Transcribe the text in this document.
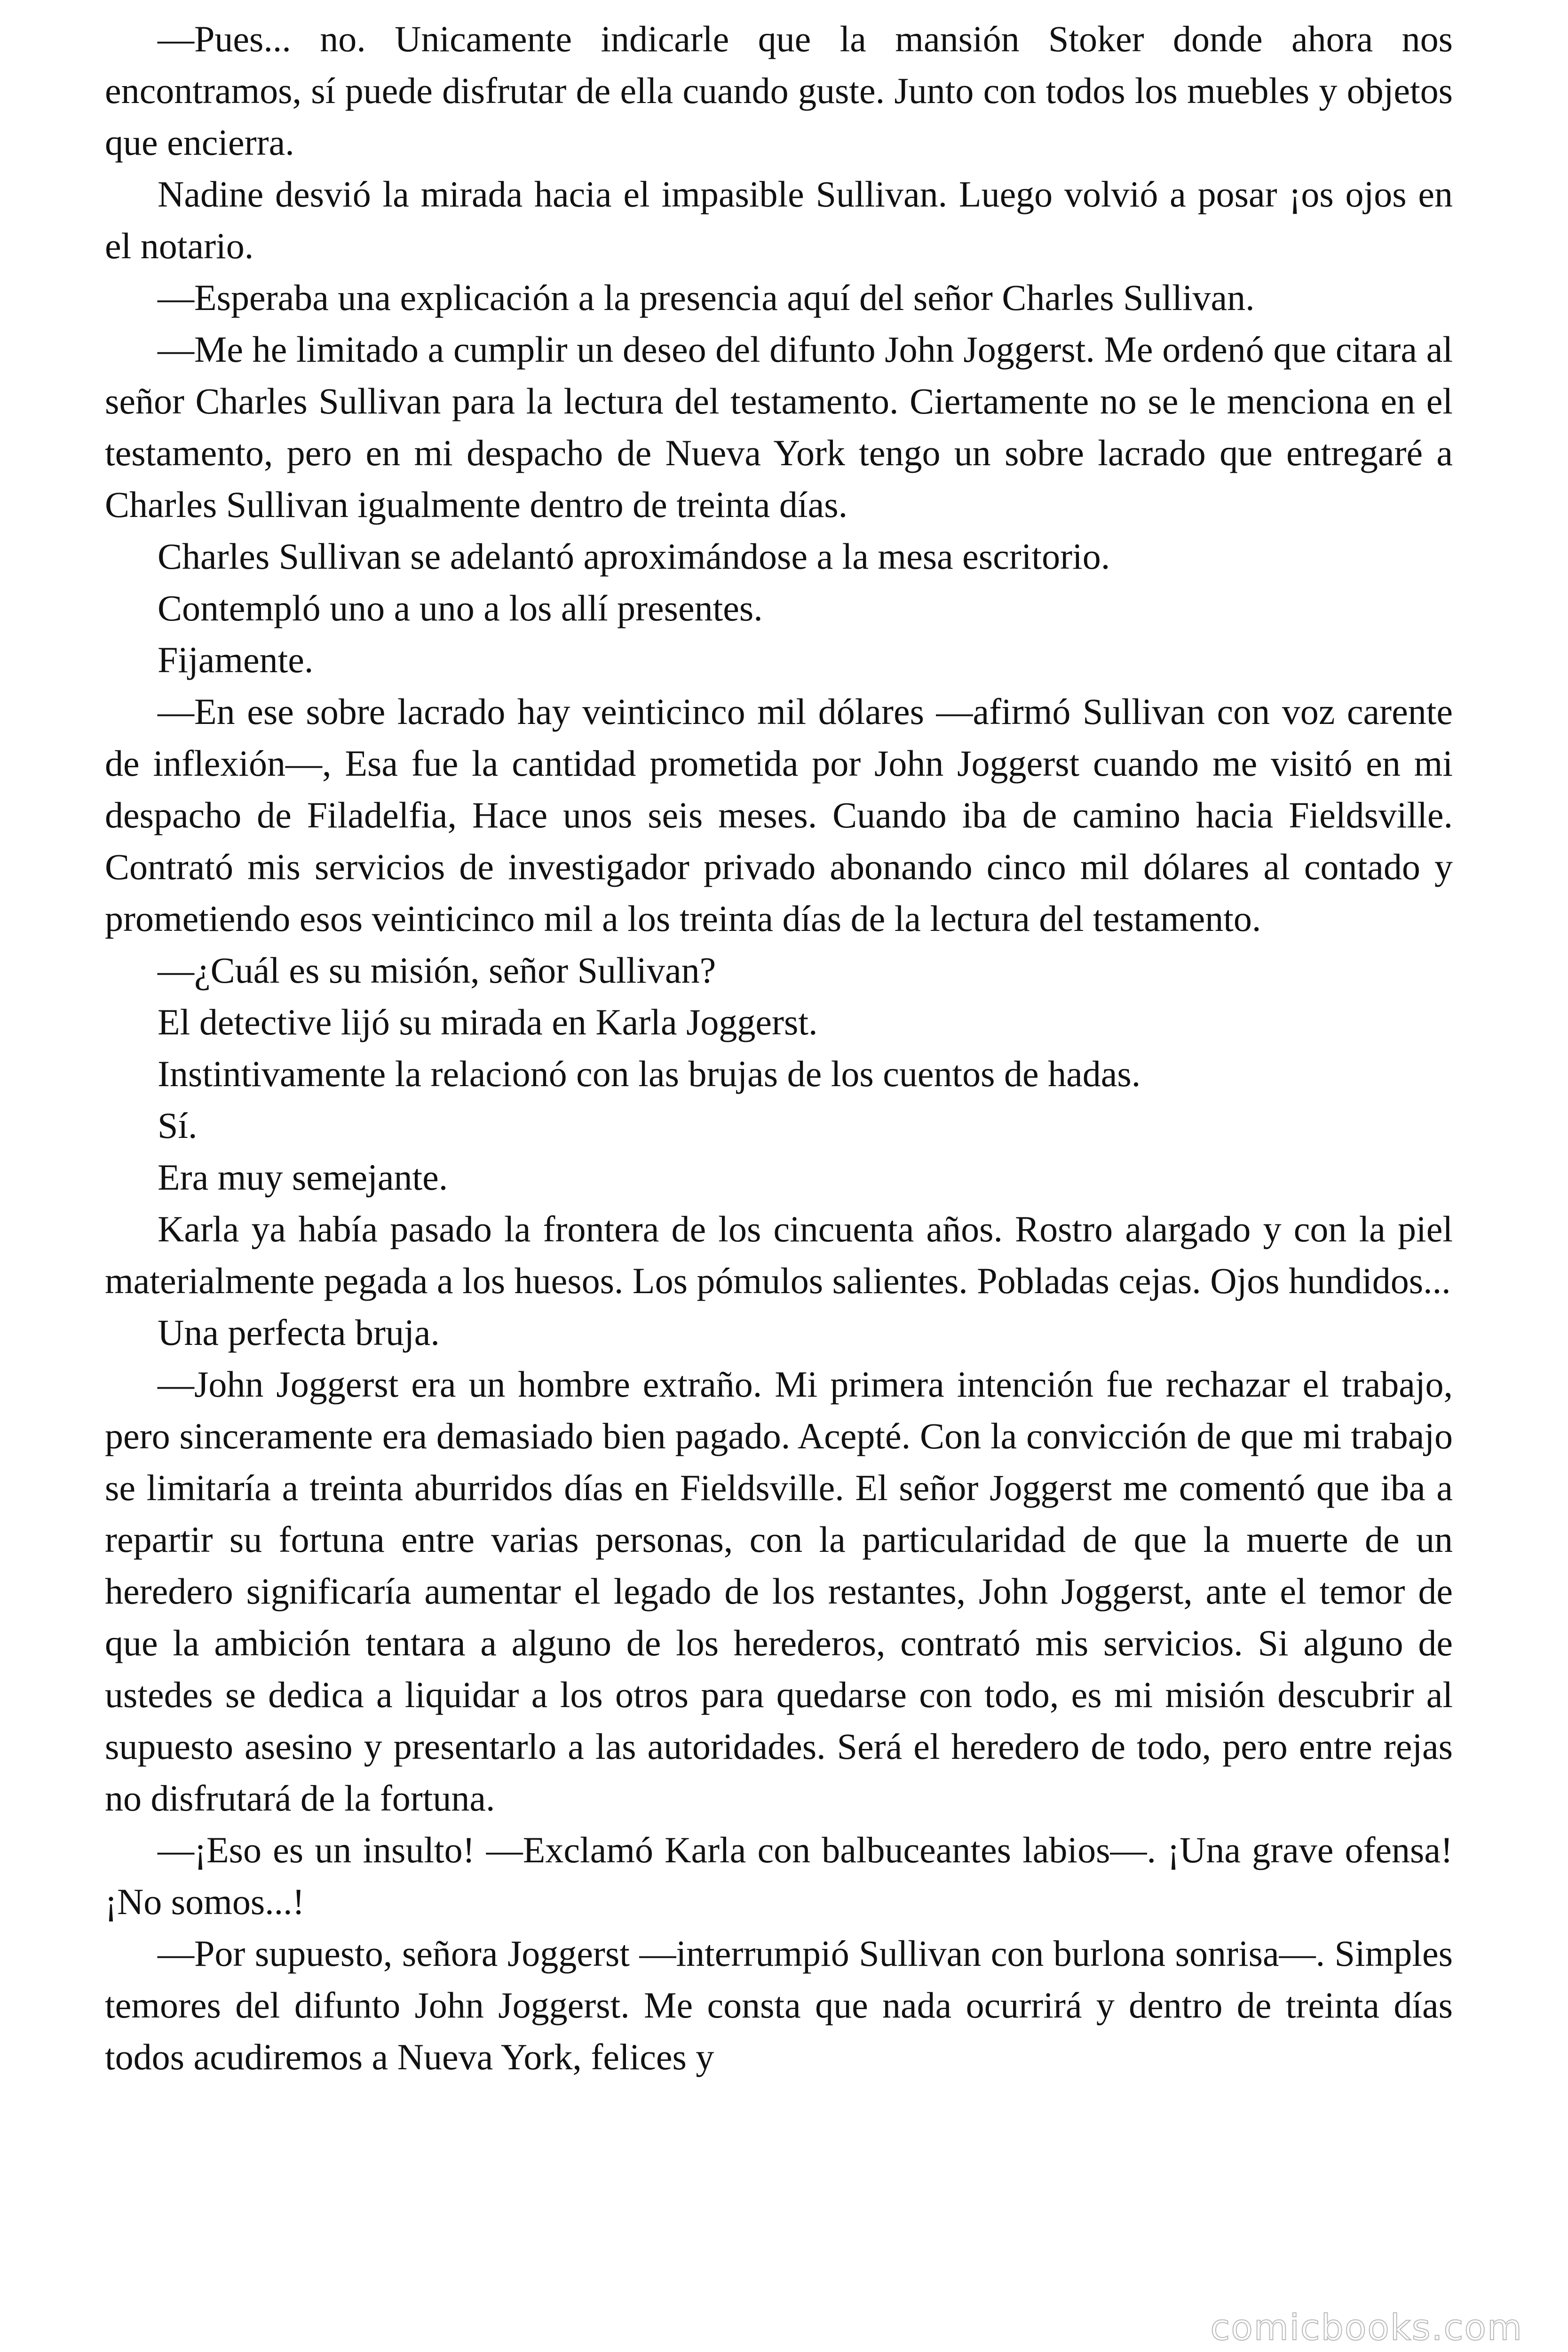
—Pues... no. Unicamente indicarle que la mansión Stoker donde ahora nos encontramos, sí puede disfrutar de ella cuando guste. Junto con todos los muebles y objetos que encierra.

Nadine desvió la mirada hacia el impasible Sullivan. Luego volvió a posar ¡os ojos en el notario.

—Esperaba una explicación a la presencia aquí del señor Charles Sullivan.

—Me he limitado a cumplir un deseo del difunto John Joggerst. Me ordenó que citara al señor Charles Sullivan para la lectura del testamento. Ciertamente no se le menciona en el testamento, pero en mi despacho de Nueva York tengo un sobre lacrado que entregaré a Charles Sullivan igualmente dentro de treinta días.

Charles Sullivan se adelantó aproximándose a la mesa escritorio.

Contempló uno a uno a los allí presentes.

Fijamente.

—En ese sobre lacrado hay veinticinco mil dólares —afirmó Sullivan con voz carente de inflexión—, Esa fue la cantidad prometida por John Joggerst cuando me visitó en mi despacho de Filadelfia, Hace unos seis meses. Cuando iba de camino hacia Fieldsville. Contrató mis servicios de investigador privado abonando cinco mil dólares al contado y prometiendo esos veinticinco mil a los treinta días de la lectura del testamento.

—¿Cuál es su misión, señor Sullivan?

El detective lijó su mirada en Karla Joggerst.

Instintivamente la relacionó con las brujas de los cuentos de hadas.

Sí.

Era muy semejante.

Karla ya había pasado la frontera de los cincuenta años. Rostro alargado y con la piel materialmente pegada a los huesos. Los pómulos salientes. Pobladas cejas. Ojos hundidos...

Una perfecta bruja.

—John Joggerst era un hombre extraño. Mi primera intención fue rechazar el trabajo, pero sinceramente era demasiado bien pagado. Acepté. Con la convicción de que mi trabajo se limitaría a treinta aburridos días en Fieldsville. El señor Joggerst me comentó que iba a repartir su fortuna entre varias personas, con la particularidad de que la muerte de un heredero significaría aumentar el legado de los restantes, John Joggerst, ante el temor de que la ambición tentara a alguno de los herederos, contrató mis servicios. Si alguno de ustedes se dedica a liquidar a los otros para quedarse con todo, es mi misión descubrir al supuesto asesino y presentarlo a las autoridades. Será el heredero de todo, pero entre rejas no disfrutará de la fortuna.

—¡Eso es un insulto! —Exclamó Karla con balbuceantes labios—. ¡Una grave ofensa! ¡No somos...!

—Por supuesto, señora Joggerst —interrumpió Sullivan con burlona sonrisa—. Simples temores del difunto John Joggerst. Me consta que nada ocurrirá y dentro de treinta días todos acudiremos a Nueva York, felices y

comicbooks.com
